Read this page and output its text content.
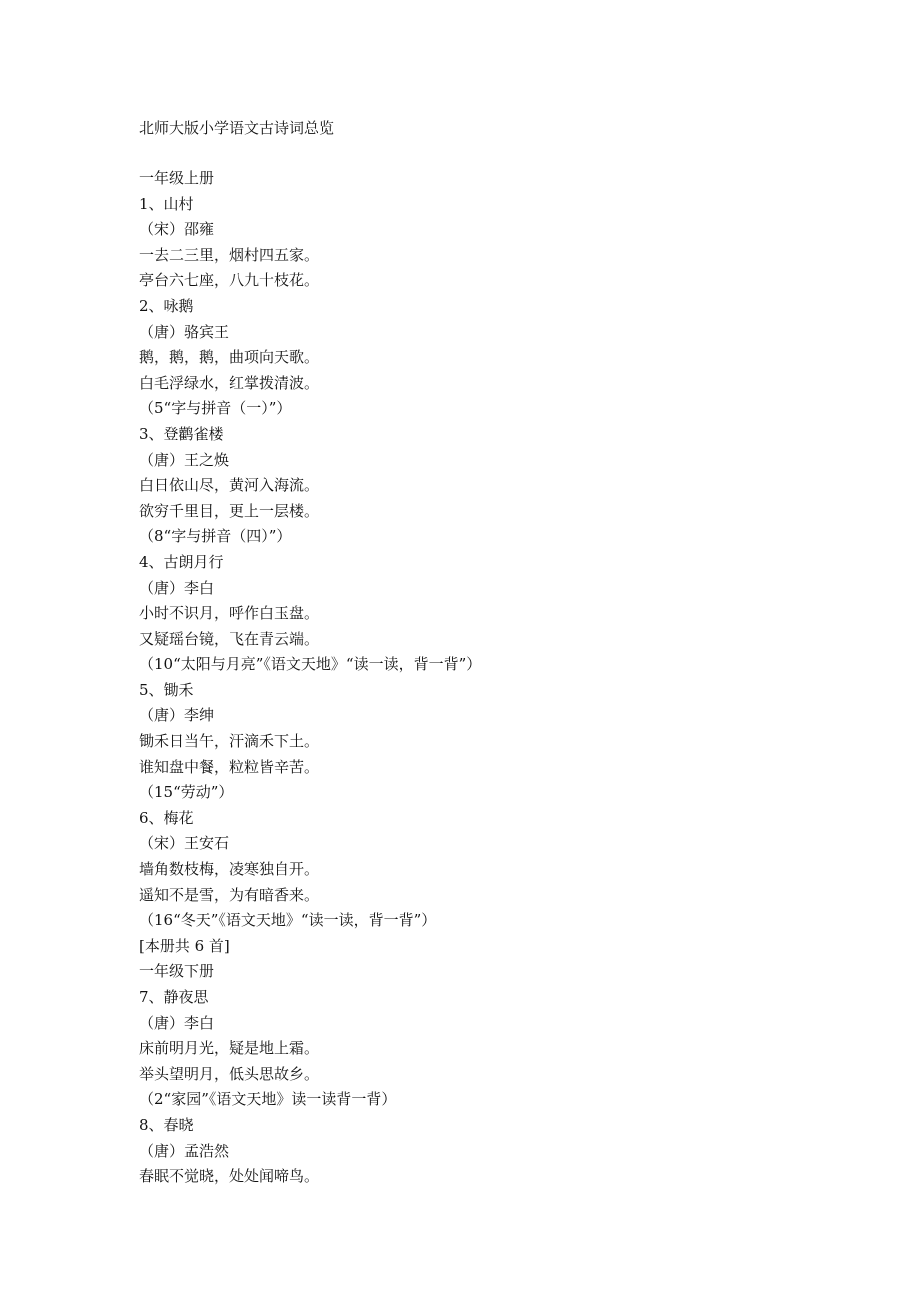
北师大版小学语文古诗词总览
一年级上册
1、山村
（宋）邵雍
一去二三里，烟村四五家。
亭台六七座，八九十枝花。
2、咏鹅
（唐）骆宾王
鹅，鹅，鹅，曲项向天歌。
白毛浮绿水，红掌拨清波。
（5“字与拼音（一）”）
3、登鹳雀楼
（唐）王之焕
白日依山尽，黄河入海流。
欲穷千里目，更上一层楼。
（8“字与拼音（四）”）
4、古朗月行
（唐）李白
小时不识月，呼作白玉盘。
又疑瑶台镜，飞在青云端。
（10“太阳与月亮”《语文天地》“读一读，背一背”）
5、锄禾
（唐）李绅
锄禾日当午，汗滴禾下土。
谁知盘中餐，粒粒皆辛苦。
（15“劳动”）
6、梅花
（宋）王安石
墙角数枝梅，凌寒独自开。
遥知不是雪，为有暗香来。
（16“冬天”《语文天地》“读一读，背一背”）
[本册共 6 首]
一年级下册
7、静夜思
（唐）李白
床前明月光，疑是地上霜。
举头望明月，低头思故乡。
（2“家园”《语文天地》读一读背一背）
8、春晓
（唐）孟浩然
春眠不觉晓，处处闻啼鸟。
